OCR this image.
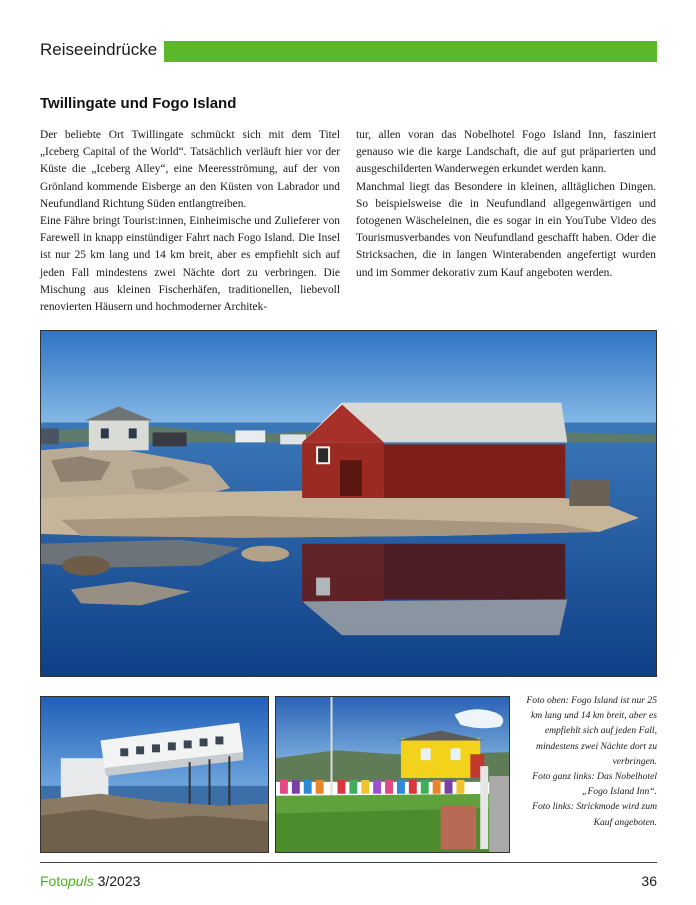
Reiseeindrücke
Twillingate und Fogo Island

Der beliebte Ort Twillingate schmückt sich mit dem Titel „Iceberg Capital of the World“. Tatsächlich verläuft hier vor der Küste die „Iceberg Alley“, eine Meeresströmung, auf der von Grönland kommende Eisberge an den Küsten von Labrador und Neufundland Richtung Süden entlangtreiben.

Eine Fähre bringt Tourist:innen, Einheimische und Zulieferer von Farewell in knapp einstündiger Fahrt nach Fogo Island. Die Insel ist nur 25 km lang und 14 km breit, aber es empfiehlt sich auf jeden Fall mindestens zwei Nächte dort zu verbringen. Die Mischung aus kleinen Fischerhäfen, traditionellen, liebevoll renovierten Häusern und hochmoderner Architek-

tur, allen voran das Nobelhotel Fogo Island Inn, fasziniert genauso wie die karge Landschaft, die auf gut präparierten und ausgeschilderten Wanderwegen erkundet werden kann.

Manchmal liegt das Besondere in kleinen, alltäglichen Dingen. So beispielsweise die in Neufundland allgegenwärtigen und fotogenen Wäscheleinen, die es sogar in ein YouTube Video des Tourismusverbandes von Neufundland geschafft haben. Oder die Stricksachen, die in langen Winterabenden angefertigt wurden und im Sommer dekorativ zum Kauf angeboten werden.

Foto oben: Fogo Island ist nur 25 km lang und 14 km breit, aber es empfiehlt sich auf jeden Fall, mindestens zwei Nächte dort zu verbringen.

Foto ganz links: Das Nobelhotel „Fogo Island Inn“.

Foto links: Strickmode wird zum Kauf angeboten.

Fotopuls 3/2023	36
